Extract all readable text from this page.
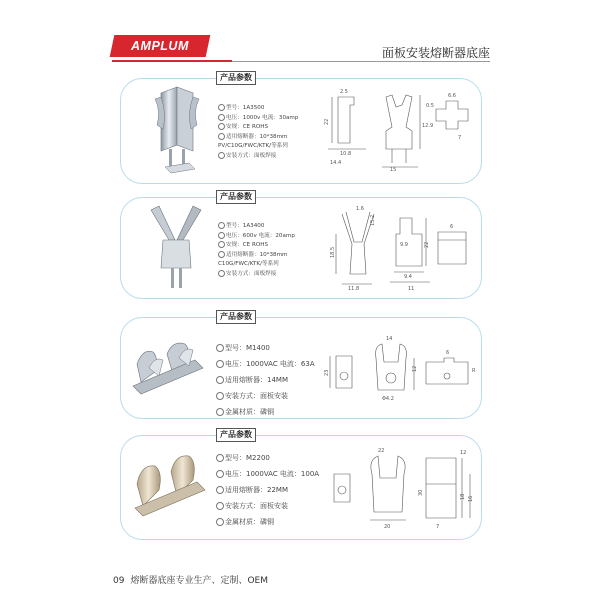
AMPLUM	面板安装熔断器底座
产品参数
型号：1A3500
电压：1000v 电流：30amp
安规：CE ROHS
适用熔断器：10*38mm
PV/C10G/FWC/KTK/等系列
安装方式：面板焊接
22
10.8
14.4
15
12.9
6.6
7
2.5
0.5
产品参数
型号：1A3400
电压：600v 电流：20amp
安规：CE ROHS
适用熔断器：10*38mm
C10G/FWC/KTK/等系列
安装方式：面板焊接
18.5
11.8
1.6
15.2
9.9	22
9.4
11
6
产品参数
型号：M1400
电压：1000VAC 电流：63A
适用熔断器：14MM
安装方式：面板安装
金属材质：磷铜
23
12
14
6
R
Φ4.2
产品参数
型号：M2200
电压：1000VAC 电流：100A
适用熔断器：22MM
安装方式：面板安装
金属材质：磷铜
22
30
18 16
20	7
12
09 熔断器底座专业生产、定制、OEM
